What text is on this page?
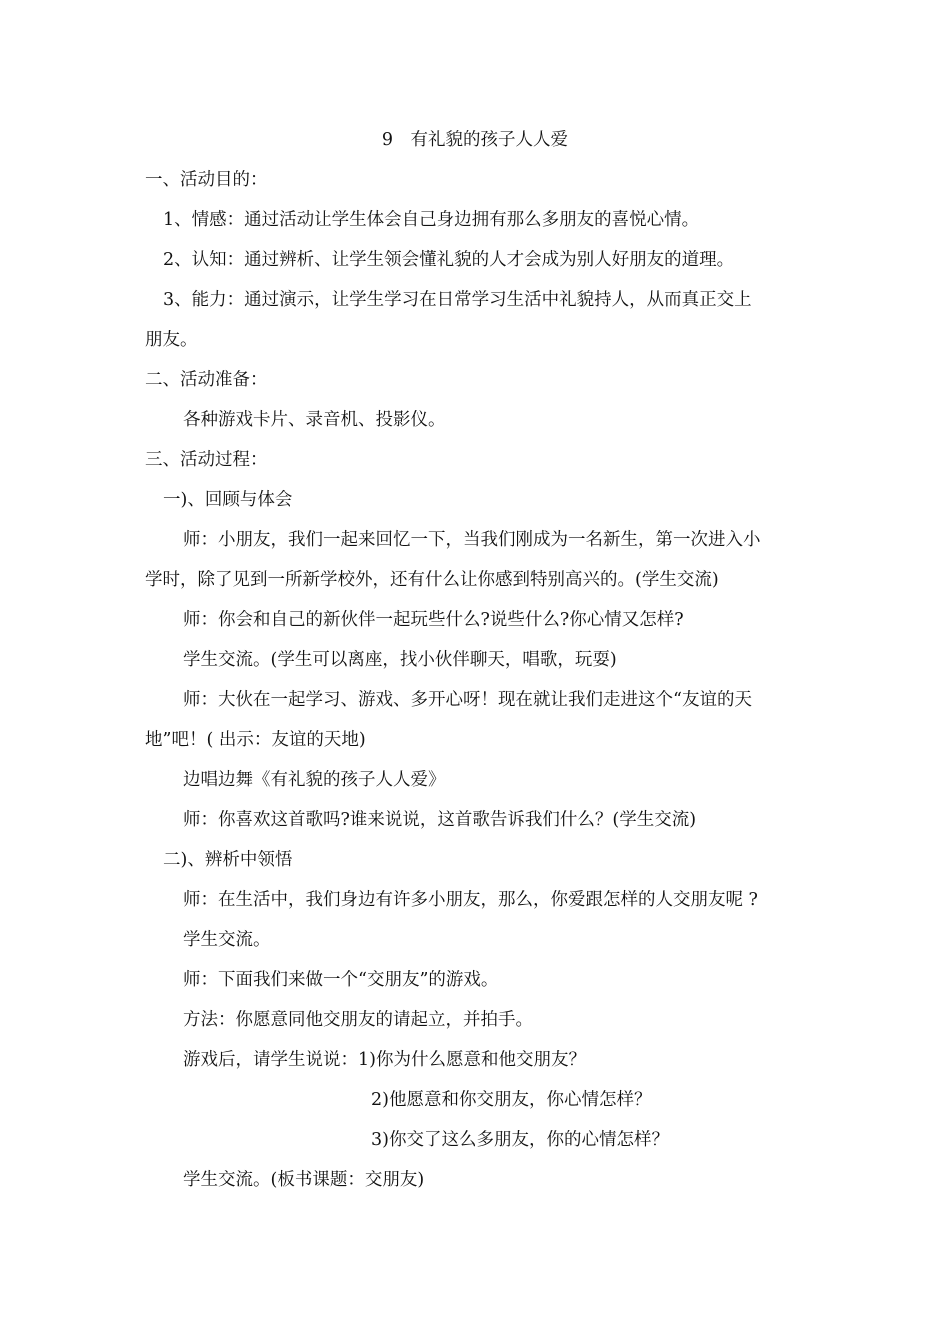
9　有礼貌的孩子人人爱
一、活动目的：
1、情感：通过活动让学生体会自己身边拥有那么多朋友的喜悦心情。
2、认知：通过辨析、让学生领会懂礼貌的人才会成为别人好朋友的道理。
3、能力：通过演示，让学生学习在日常学习生活中礼貌持人，从而真正交上
朋友。
二、活动准备：
各种游戏卡片、录音机、投影仪。
三、活动过程：
一)、回顾与体会
师：小朋友，我们一起来回忆一下，当我们刚成为一名新生，第一次进入小
学时，除了见到一所新学校外，还有什么让你感到特别高兴的。(学生交流)
师：你会和自己的新伙伴一起玩些什么?说些什么?你心情又怎样?
学生交流。(学生可以离座，找小伙伴聊天，唱歌，玩耍)
师：大伙在一起学习、游戏、多开心呀！现在就让我们走进这个“友谊的天
地”吧！( 出示：友谊的天地)
边唱边舞《有礼貌的孩子人人爱》
师：你喜欢这首歌吗?谁来说说，这首歌告诉我们什么？(学生交流)
二)、辨析中领悟
师：在生活中，我们身边有许多小朋友，那么，你爱跟怎样的人交朋友呢 ?
学生交流。
师：下面我们来做一个“交朋友”的游戏。
方法：你愿意同他交朋友的请起立，并拍手。
游戏后，请学生说说：1)你为什么愿意和他交朋友？
2)他愿意和你交朋友，你心情怎样？
3)你交了这么多朋友，你的心情怎样？
学生交流。(板书课题：交朋友)
